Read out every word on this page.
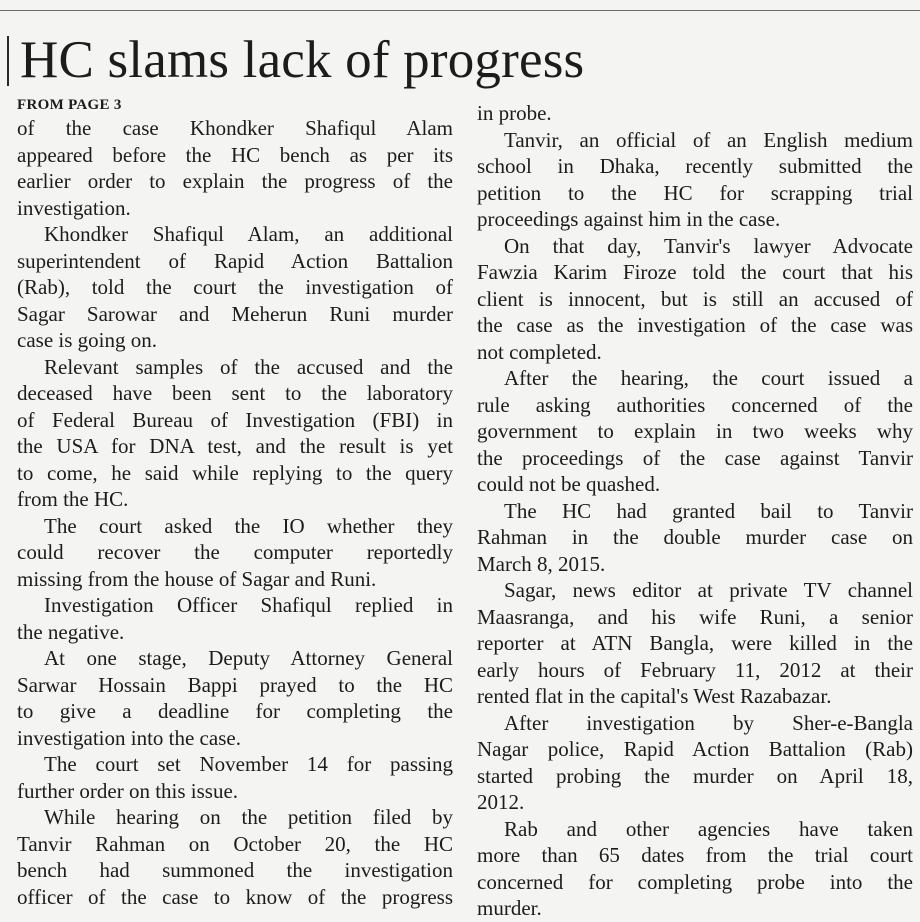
HC slams lack of progress
FROM PAGE 3
of the case Khondker Shafiqul Alam
appeared before the HC bench as per its
earlier order to explain the progress of the
investigation.
Khondker Shafiqul Alam, an additional
superintendent of Rapid Action Battalion
(Rab), told the court the investigation of
Sagar Sarowar and Meherun Runi murder
case is going on.
Relevant samples of the accused and the
deceased have been sent to the laboratory
of Federal Bureau of Investigation (FBI) in
the USA for DNA test, and the result is yet
to come, he said while replying to the query
from the HC.
The court asked the IO whether they
could recover the computer reportedly
missing from the house of Sagar and Runi.
Investigation Officer Shafiqul replied in
the negative.
At one stage, Deputy Attorney General
Sarwar Hossain Bappi prayed to the HC
to give a deadline for completing the
investigation into the case.
The court set November 14 for passing
further order on this issue.
While hearing on the petition filed by
Tanvir Rahman on October 20, the HC
bench had summoned the investigation
officer of the case to know of the progress
in probe.
Tanvir, an official of an English medium
school in Dhaka, recently submitted the
petition to the HC for scrapping trial
proceedings against him in the case.
On that day, Tanvir's lawyer Advocate
Fawzia Karim Firoze told the court that his
client is innocent, but is still an accused of
the case as the investigation of the case was
not completed.
After the hearing, the court issued a
rule asking authorities concerned of the
government to explain in two weeks why
the proceedings of the case against Tanvir
could not be quashed.
The HC had granted bail to Tanvir
Rahman in the double murder case on
March 8, 2015.
Sagar, news editor at private TV channel
Maasranga, and his wife Runi, a senior
reporter at ATN Bangla, were killed in the
early hours of February 11, 2012 at their
rented flat in the capital's West Razabazar.
After investigation by Sher-e-Bangla
Nagar police, Rapid Action Battalion (Rab)
started probing the murder on April 18,
2012.
Rab and other agencies have taken
more than 65 dates from the trial court
concerned for completing probe into the
murder.
